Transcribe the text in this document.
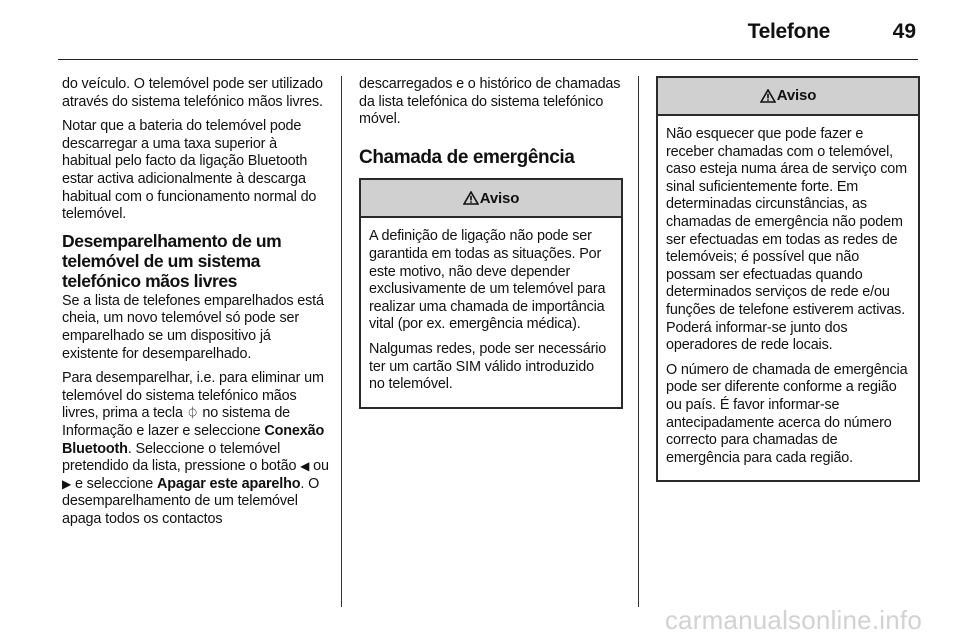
Telefone	49

do veículo. O telemóvel pode ser utilizado através do sistema telefónico mãos livres.

Notar que a bateria do telemóvel pode descarregar a uma taxa superior à habitual pelo facto da ligação Bluetooth estar activa adicionalmente à descarga habitual com o funcionamento normal do telemóvel.

Desemparelhamento de um telemóvel de um sistema telefónico mãos livres

Se a lista de telefones emparelhados está cheia, um novo telemóvel só pode ser emparelhado se um dispositivo já existente for desemparelhado.

Para desemparelhar, i.e. para eliminar um telemóvel do sistema telefónico mãos livres, prima a tecla ⏀ no sistema de Informação e lazer e seleccione Conexão Bluetooth. Seleccione o telemóvel pretendido da lista, pressione o botão ◀ ou ▶ e seleccione Apagar este aparelho. O desemparelhamento de um telemóvel apaga todos os contactos

descarregados e o histórico de chamadas da lista telefónica do sistema telefónico móvel.

Chamada de emergência
Aviso

A definição de ligação não pode ser garantida em todas as situações. Por este motivo, não deve depender exclusivamente de um telemóvel para realizar uma chamada de importância vital (por ex. emergência médica).

Nalgumas redes, pode ser necessário ter um cartão SIM válido introduzido no telemóvel.

Aviso

Não esquecer que pode fazer e receber chamadas com o telemóvel, caso esteja numa área de serviço com sinal suficientemente forte. Em determinadas circunstâncias, as chamadas de emergência não podem ser efectuadas em todas as redes de telemóveis; é possível que não possam ser efectuadas quando determinados serviços de rede e/ou funções de telefone estiverem activas. Poderá informar-se junto dos operadores de rede locais.

O número de chamada de emergência pode ser diferente conforme a região ou país. É favor informar-se antecipadamente acerca do número correcto para chamadas de emergência para cada região.

carmanualsonline.info
